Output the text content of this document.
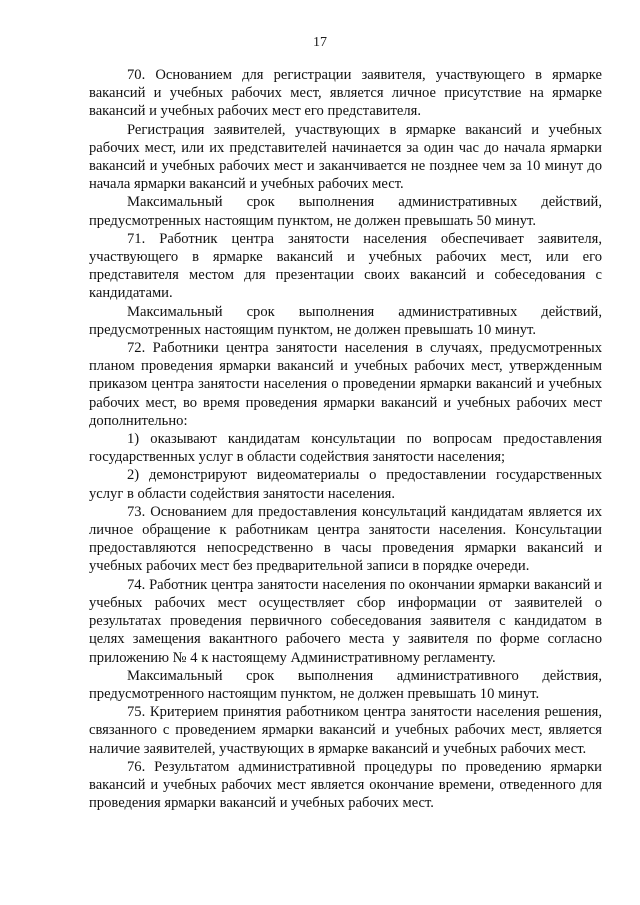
17

70. Основанием для регистрации заявителя, участвующего в ярмарке вакансий и учебных рабочих мест, является личное присутствие на ярмарке вакансий и учебных рабочих мест его представителя.

Регистрация заявителей, участвующих в ярмарке вакансий и учебных рабочих мест, или их представителей начинается за один час до начала ярмарки вакансий и учебных рабочих мест и заканчивается не позднее чем за 10 минут до начала ярмарки вакансий и учебных рабочих мест.

Максимальный срок выполнения административных действий, предусмотренных настоящим пунктом, не должен превышать 50 минут.

71. Работник центра занятости населения обеспечивает заявителя, участвующего в ярмарке вакансий и учебных рабочих мест, или его представителя местом для презентации своих вакансий и собеседования с кандидатами.

Максимальный срок выполнения административных действий, предусмотренных настоящим пунктом, не должен превышать 10 минут.

72. Работники центра занятости населения в случаях, предусмотренных планом проведения ярмарки вакансий и учебных рабочих мест, утвержденным приказом центра занятости населения о проведении ярмарки вакансий и учебных рабочих мест, во время проведения ярмарки вакансий и учебных рабочих мест дополнительно:

1) оказывают кандидатам консультации по вопросам предоставления государственных услуг в области содействия занятости населения;

2) демонстрируют видеоматериалы о предоставлении государственных услуг в области содействия занятости населения.

73. Основанием для предоставления консультаций кандидатам является их личное обращение к работникам центра занятости населения. Консультации предоставляются непосредственно в часы проведения ярмарки вакансий и учебных рабочих мест без предварительной записи в порядке очереди.

74. Работник центра занятости населения по окончании ярмарки вакансий и учебных рабочих мест осуществляет сбор информации от заявителей о результатах проведения первичного собеседования заявителя с кандидатом в целях замещения вакантного рабочего места у заявителя по форме согласно приложению № 4 к настоящему Административному регламенту.

Максимальный срок выполнения административного действия, предусмотренного настоящим пунктом, не должен превышать 10 минут.

75. Критерием принятия работником центра занятости населения решения, связанного с проведением ярмарки вакансий и учебных рабочих мест, является наличие заявителей, участвующих в ярмарке вакансий и учебных рабочих мест.

76. Результатом административной процедуры по проведению ярмарки вакансий и учебных рабочих мест является окончание времени, отведенного для проведения ярмарки вакансий и учебных рабочих мест.
